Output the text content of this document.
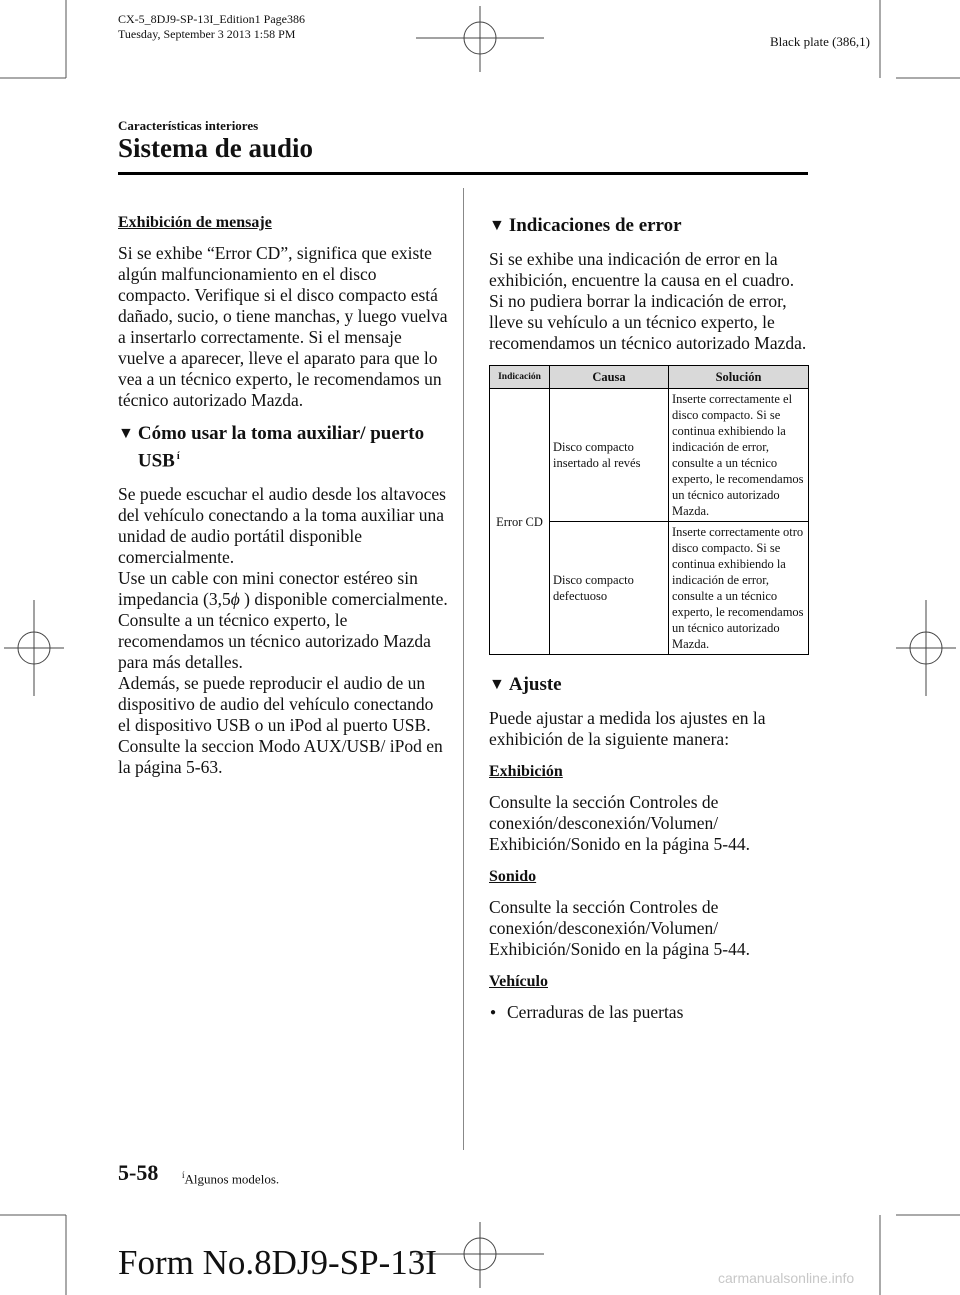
CX-5_8DJ9-SP-13I_Edition1 Page386
Tuesday, September 3 2013 1:58 PM	Black plate (386,1)
Características interiores
Sistema de audio
Exhibición de mensaje

Si se exhibe “Error CD”, significa que existe algún malfuncionamiento en el disco compacto. Verifique si el disco compacto está dañado, sucio, o tiene manchas, y luego vuelva a insertarlo correctamente. Si el mensaje vuelve a aparecer, lleve el aparato para que lo vea a un técnico experto, le recomendamos un técnico autorizado Mazda.

▼ Cómo usar la toma auxiliar/ puerto USB $^í$
Se puede escuchar el audio desde los altavoces del vehículo conectando a la toma auxiliar una unidad de audio portátil disponible comercialmente.
Use un cable con mini conector estéreo sin impedancia (3,5ϕ ) disponible comercialmente. Consulte a un técnico experto, le recomendamos un técnico autorizado Mazda para más detalles.
Además, se puede reproducir el audio de un dispositivo de audio del vehículo conectando el dispositivo USB o un iPod al puerto USB.
Consulte la seccion Modo AUX/USB/ iPod en la página 5-63.
▼ Indicaciones de error

Si se exhibe una indicación de error en la exhibición, encuentre la causa en el cuadro. Si no pudiera borrar la indicación de error, lleve su vehículo a un técnico experto, le recomendamos un técnico autorizado Mazda.

Indicación	Causa	Solución
Error CD	Disco compacto insertado al revés	Inserte correctamente el disco compacto. Si se continua exhibiendo la indicación de error, consulte a un técnico experto, le recomendamos un técnico autorizado Mazda.
	Disco compacto defectuoso	Inserte correctamente otro disco compacto. Si se continua exhibiendo la indicación de error, consulte a un técnico experto, le recomendamos un técnico autorizado Mazda.
▼ Ajuste

Puede ajustar a medida los ajustes en la exhibición de la siguiente manera:

Exhibición

Consulte la sección Controles de conexión/desconexión/Volumen/ Exhibición/Sonido en la página 5-44.

Sonido

Consulte la sección Controles de conexión/desconexión/Volumen/ Exhibición/Sonido en la página 5-44.

Vehículo
● Cerraduras de las puertas
5-58	$^í$Algunos modelos.
Form No.8DJ9-SP-13I	carmanualsonline.info
